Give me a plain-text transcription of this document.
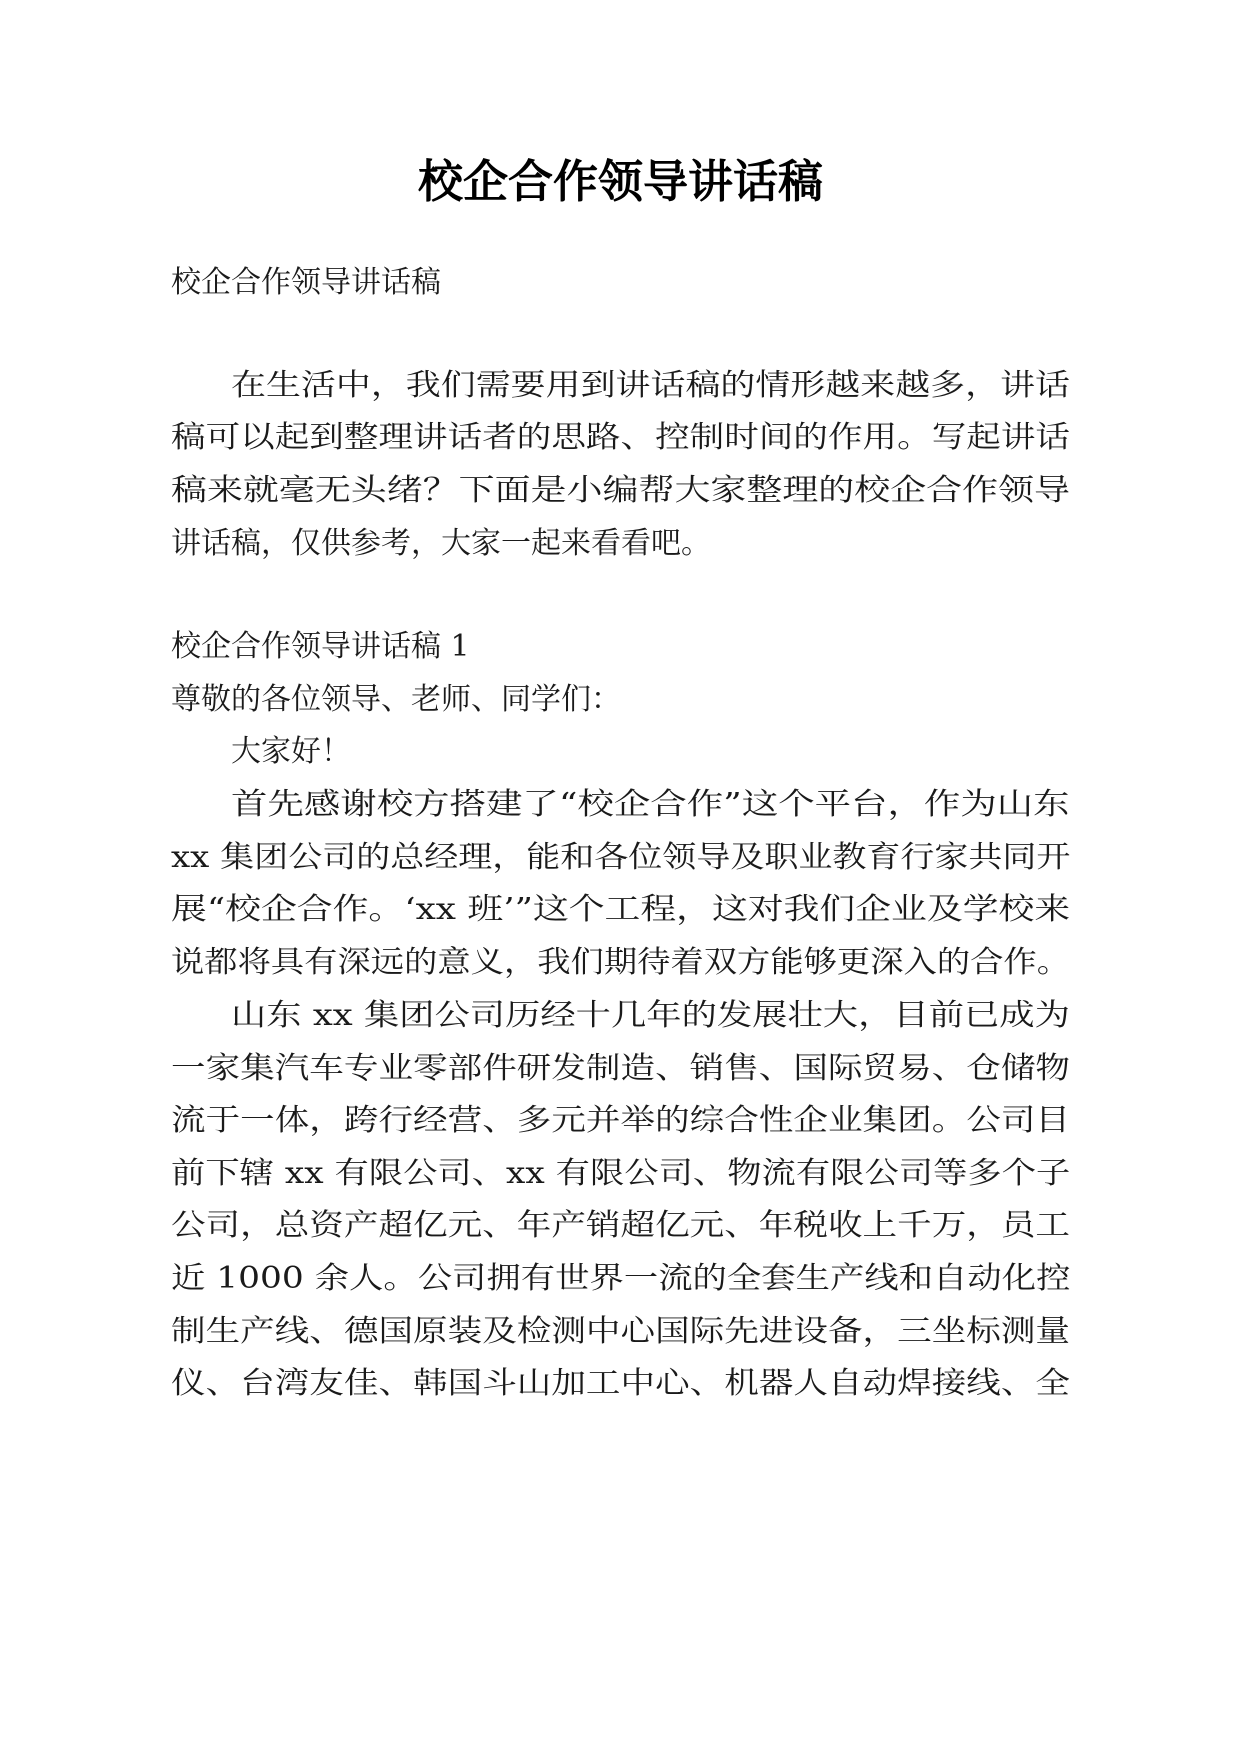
校企合作领导讲话稿
校企合作领导讲话稿
在生活中，我们需要用到讲话稿的情形越来越多，讲话
稿可以起到整理讲话者的思路、控制时间的作用。写起讲话
稿来就毫无头绪？下面是小编帮大家整理的校企合作领导
讲话稿，仅供参考，大家一起来看看吧。
校企合作领导讲话稿 1
尊敬的各位领导、老师、同学们：
大家好！
首先感谢校方搭建了“校企合作”这个平台，作为山东
xx 集团公司的总经理，能和各位领导及职业教育行家共同开
展“校企合作。‘xx 班’”这个工程，这对我们企业及学校来
说都将具有深远的意义，我们期待着双方能够更深入的合作。
山东 xx 集团公司历经十几年的发展壮大，目前已成为
一家集汽车专业零部件研发制造、销售、国际贸易、仓储物
流于一体，跨行经营、多元并举的综合性企业集团。公司目
前下辖 xx 有限公司、xx 有限公司、物流有限公司等多个子
公司，总资产超亿元、年产销超亿元、年税收上千万，员工
近 1000 余人。公司拥有世界一流的全套生产线和自动化控
制生产线、德国原装及检测中心国际先进设备，三坐标测量
仪、台湾友佳、韩国斗山加工中心、机器人自动焊接线、全
